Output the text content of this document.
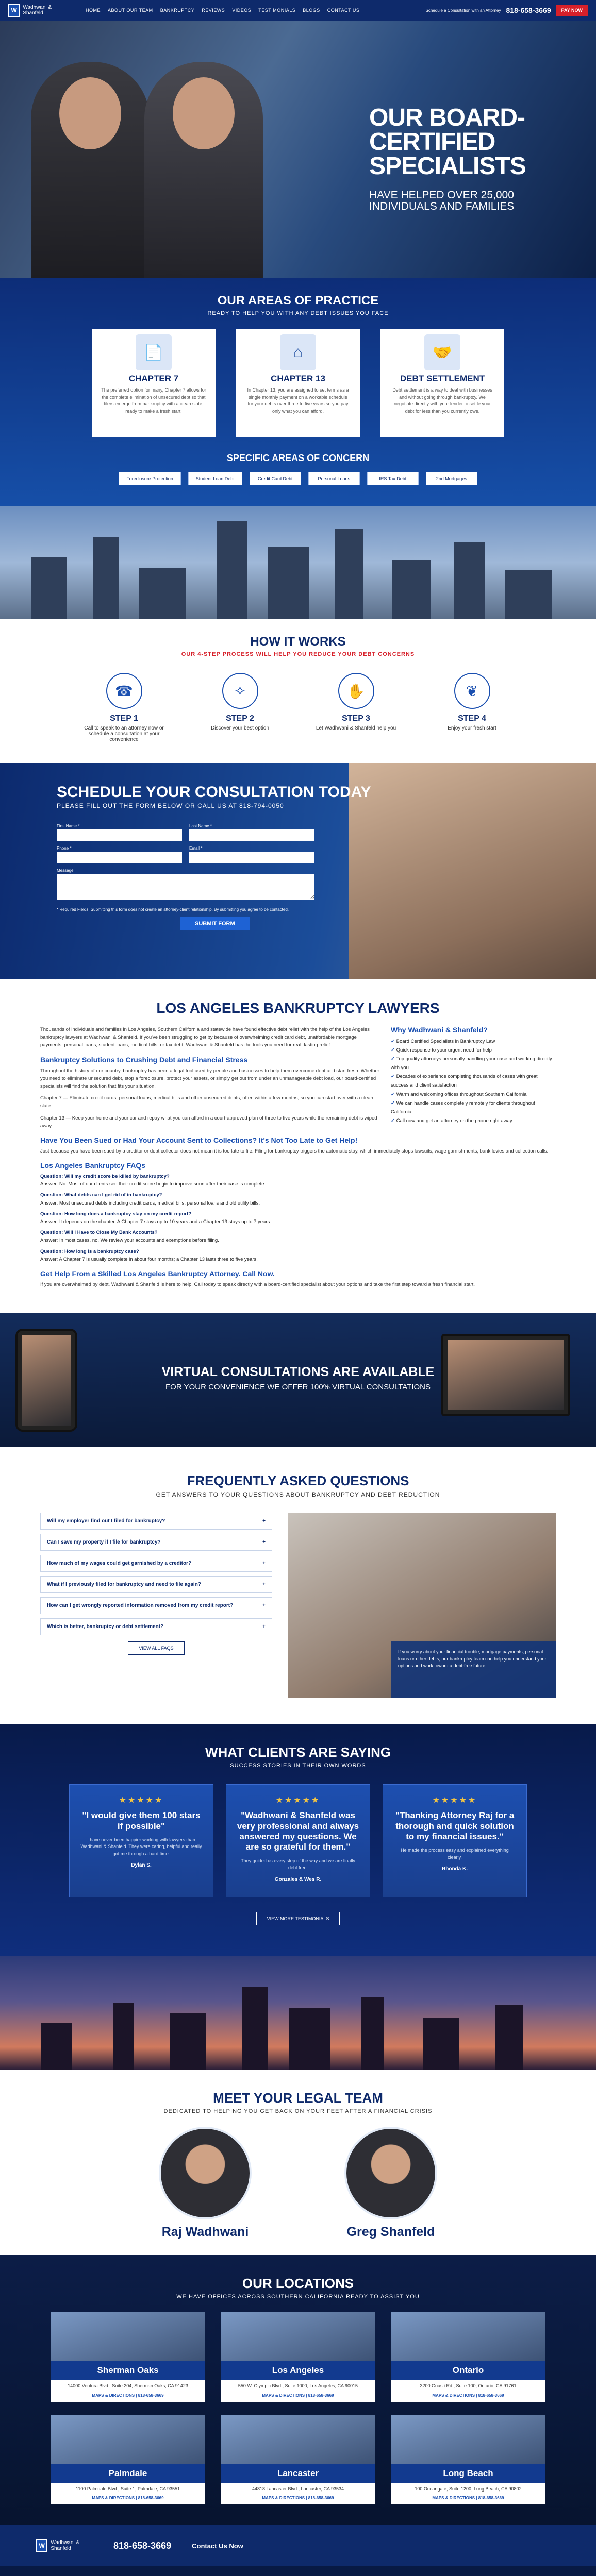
W	Wadhwani & Shanfeld	HOME ABOUT OUR TEAM BANKRUPTCY REVIEWS VIDEOS TESTIMONIALS BLOGS CONTACT US	Schedule a Consultation with an Attorney 818-658-3669	PAY NOW
OUR BOARD-CERTIFIED SPECIALISTS
HAVE HELPED OVER 25,000 INDIVIDUALS AND FAMILIES
OUR AREAS OF PRACTICE
READY TO HELP YOU WITH ANY DEBT ISSUES YOU FACE
📄
CHAPTER 7

The preferred option for many, Chapter 7 allows for the complete elimination of unsecured debt so that filers emerge from bankruptcy with a clean slate, ready to make a fresh start.

⌂
CHAPTER 13

In Chapter 13, you are assigned to set terms as a single monthly payment on a workable schedule for your debts over three to five years so you pay only what you can afford.

🤝
DEBT SETTLEMENT

Debt settlement is a way to deal with businesses and without going through bankruptcy. We negotiate directly with your lender to settle your debt for less than you currently owe.

SPECIFIC AREAS OF CONCERN
Foreclosure Protection	Student Loan Debt	Credit Card Debt	Personal Loans	IRS Tax Debt	2nd Mortgages
HOW IT WORKS
OUR 4-STEP PROCESS WILL HELP YOU REDUCE YOUR DEBT CONCERNS
☎
STEP 1

Call to speak to an attorney now or schedule a consultation at your convenience

✧
STEP 2

Discover your best option

✋
STEP 3

Let Wadhwani & Shanfeld help you

❦
STEP 4

Enjoy your fresh start

SCHEDULE YOUR CONSULTATION TODAY
PLEASE FILL OUT THE FORM BELOW OR CALL US AT 818-794-0050
First Name *	Last Name *
Phone *	Email *
Message
* Required Fields. Submitting this form does not create an attorney-client relationship. By submitting you agree to be contacted.
SUBMIT FORM
LOS ANGELES BANKRUPTCY LAWYERS
Why Wadhwani & Shanfeld?
✓ Board Certified Specialists in Bankruptcy Law
✓ Quick response to your urgent need for help
✓ Top quality attorneys personally handling your case and working directly with you
✓ Decades of experience completing thousands of cases with great success and client satisfaction
✓ Warm and welcoming offices throughout Southern California
✓ We can handle cases completely remotely for clients throughout California
✓ Call now and get an attorney on the phone right away

Thousands of individuals and families in Los Angeles, Southern California and statewide have found effective debt relief with the help of the Los Angeles bankruptcy lawyers at Wadhwani & Shanfeld. If you've been struggling to get by because of overwhelming credit card debt, unaffordable mortgage payments, personal loans, student loans, medical bills, or tax debt, Wadhwani & Shanfeld has the tools you need for real, lasting relief.

Bankruptcy Solutions to Crushing Debt and Financial Stress

Throughout the history of our country, bankruptcy has been a legal tool used by people and businesses to help them overcome debt and start fresh. Whether you need to eliminate unsecured debt, stop a foreclosure, protect your assets, or simply get out from under an unmanageable debt load, our board-certified specialists will find the solution that fits your situation.

Chapter 7 — Eliminate credit cards, personal loans, medical bills and other unsecured debts, often within a few months, so you can start over with a clean slate.

Chapter 13 — Keep your home and your car and repay what you can afford in a court-approved plan of three to five years while the remaining debt is wiped away.

Have You Been Sued or Had Your Account Sent to Collections? It's Not Too Late to Get Help!

Just because you have been sued by a creditor or debt collector does not mean it is too late to file. Filing for bankruptcy triggers the automatic stay, which immediately stops lawsuits, wage garnishments, bank levies and collection calls.

Los Angeles Bankruptcy FAQs
Question: Will my credit score be killed by bankruptcy?
Answer: No. Most of our clients see their credit score begin to improve soon after their case is complete.
Question: What debts can I get rid of in bankruptcy?
Answer: Most unsecured debts including credit cards, medical bills, personal loans and old utility bills.
Question: How long does a bankruptcy stay on my credit report?
Answer: It depends on the chapter. A Chapter 7 stays up to 10 years and a Chapter 13 stays up to 7 years.
Question: Will I Have to Close My Bank Accounts?
Answer: In most cases, no. We review your accounts and exemptions before filing.
Question: How long is a bankruptcy case?
Answer: A Chapter 7 is usually complete in about four months; a Chapter 13 lasts three to five years.
Get Help From a Skilled Los Angeles Bankruptcy Attorney. Call Now.

If you are overwhelmed by debt, Wadhwani & Shanfeld is here to help. Call today to speak directly with a board-certified specialist about your options and take the first step toward a fresh financial start.

VIRTUAL CONSULTATIONS ARE AVAILABLE

FOR YOUR CONVENIENCE WE OFFER 100% VIRTUAL CONSULTATIONS

FREQUENTLY ASKED QUESTIONS
GET ANSWERS TO YOUR QUESTIONS ABOUT BANKRUPTCY AND DEBT REDUCTION
Will my employer find out I filed for bankruptcy?	+
Can I save my property if I file for bankruptcy?	+
How much of my wages could get garnished by a creditor?	+
What if I previously filed for bankruptcy and need to file again?	+
How can I get wrongly reported information removed from my credit report?	+
Which is better, bankruptcy or debt settlement?	+
VIEW ALL FAQS
If you worry about your financial trouble, mortgage payments, personal loans or other debts, our bankruptcy team can help you understand your options and work toward a debt-free future.
WHAT CLIENTS ARE SAYING
SUCCESS STORIES IN THEIR OWN WORDS
★★★★★
"I would give them 100 stars if possible"

I have never been happier working with lawyers than Wadhwani & Shanfeld. They were caring, helpful and really got me through a hard time.

Dylan S.
★★★★★
"Wadhwani & Shanfeld was very professional and always answered my questions. We are so grateful for them."

They guided us every step of the way and we are finally debt free.

Gonzales & Wes R.
★★★★★
"Thanking Attorney Raj for a thorough and quick solution to my financial issues."

He made the process easy and explained everything clearly.

Rhonda K.
VIEW MORE TESTIMONIALS
MEET YOUR LEGAL TEAM
DEDICATED TO HELPING YOU GET BACK ON YOUR FEET AFTER A FINANCIAL CRISIS
Raj Wadhwani	Greg Shanfeld
OUR LOCATIONS
WE HAVE OFFICES ACROSS SOUTHERN CALIFORNIA READY TO ASSIST YOU
Sherman Oaks
14000 Ventura Blvd., Suite 204, Sherman Oaks, CA 91423
MAPS & DIRECTIONS | 818-658-3669
Los Angeles
550 W. Olympic Blvd., Suite 1000, Los Angeles, CA 90015
MAPS & DIRECTIONS | 818-658-3669
Ontario
3200 Guasti Rd., Suite 100, Ontario, CA 91761
MAPS & DIRECTIONS | 818-658-3669
Palmdale
1100 Palmdale Blvd., Suite 1, Palmdale, CA 93551
MAPS & DIRECTIONS | 818-658-3669
Lancaster
44818 Lancaster Blvd., Lancaster, CA 93534
MAPS & DIRECTIONS | 818-658-3669
Long Beach
100 Oceangate, Suite 1200, Long Beach, CA 90802
MAPS & DIRECTIONS | 818-658-3669
W	Wadhwani & Shanfeld	818-658-3669	Contact Us Now
